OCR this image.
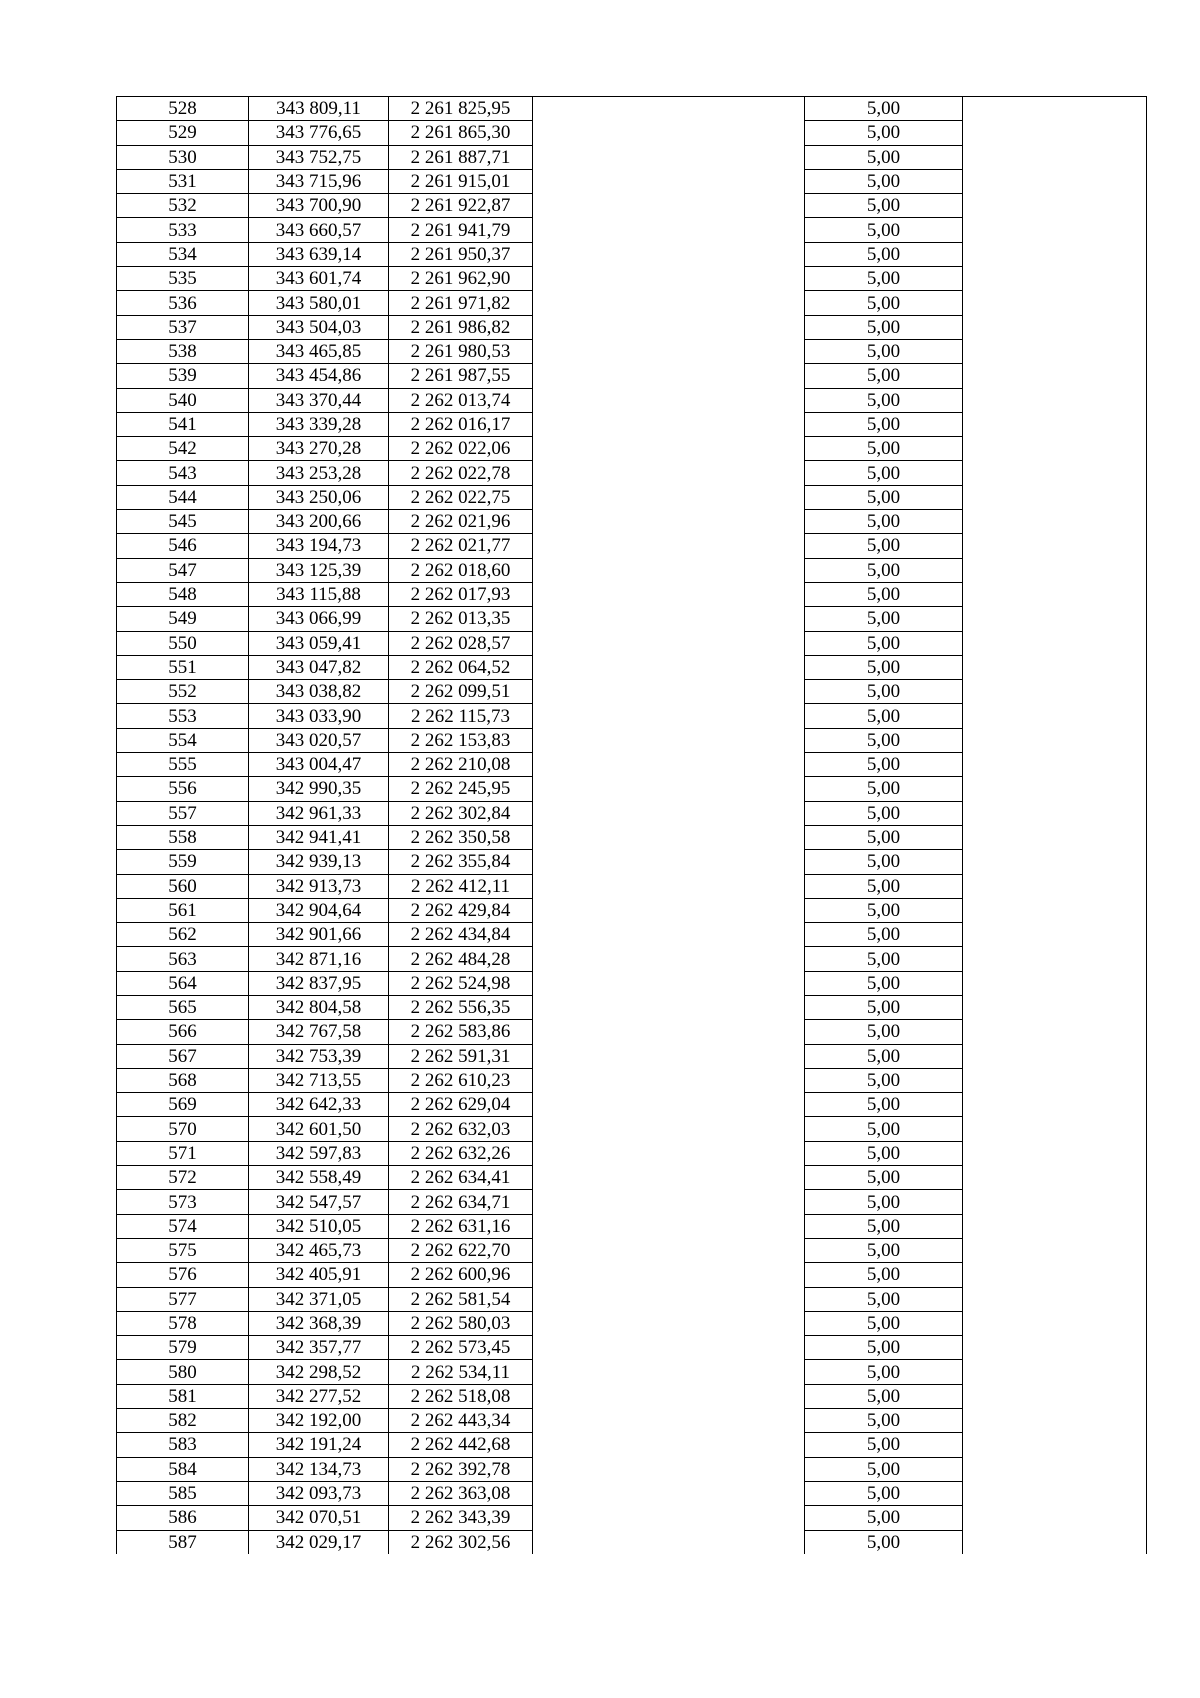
528	343 809,11	2 261 825,95		5,00	
529	343 776,65	2 261 865,30		5,00	
530	343 752,75	2 261 887,71		5,00	
531	343 715,96	2 261 915,01		5,00	
532	343 700,90	2 261 922,87		5,00	
533	343 660,57	2 261 941,79		5,00	
534	343 639,14	2 261 950,37		5,00	
535	343 601,74	2 261 962,90		5,00	
536	343 580,01	2 261 971,82		5,00	
537	343 504,03	2 261 986,82		5,00	
538	343 465,85	2 261 980,53		5,00	
539	343 454,86	2 261 987,55		5,00	
540	343 370,44	2 262 013,74		5,00	
541	343 339,28	2 262 016,17		5,00	
542	343 270,28	2 262 022,06		5,00	
543	343 253,28	2 262 022,78		5,00	
544	343 250,06	2 262 022,75		5,00	
545	343 200,66	2 262 021,96		5,00	
546	343 194,73	2 262 021,77		5,00	
547	343 125,39	2 262 018,60		5,00	
548	343 115,88	2 262 017,93		5,00	
549	343 066,99	2 262 013,35		5,00	
550	343 059,41	2 262 028,57		5,00	
551	343 047,82	2 262 064,52		5,00	
552	343 038,82	2 262 099,51		5,00	
553	343 033,90	2 262 115,73		5,00	
554	343 020,57	2 262 153,83		5,00	
555	343 004,47	2 262 210,08		5,00	
556	342 990,35	2 262 245,95		5,00	
557	342 961,33	2 262 302,84		5,00	
558	342 941,41	2 262 350,58		5,00	
559	342 939,13	2 262 355,84		5,00	
560	342 913,73	2 262 412,11		5,00	
561	342 904,64	2 262 429,84		5,00	
562	342 901,66	2 262 434,84		5,00	
563	342 871,16	2 262 484,28		5,00	
564	342 837,95	2 262 524,98		5,00	
565	342 804,58	2 262 556,35		5,00	
566	342 767,58	2 262 583,86		5,00	
567	342 753,39	2 262 591,31		5,00	
568	342 713,55	2 262 610,23		5,00	
569	342 642,33	2 262 629,04		5,00	
570	342 601,50	2 262 632,03		5,00	
571	342 597,83	2 262 632,26		5,00	
572	342 558,49	2 262 634,41		5,00	
573	342 547,57	2 262 634,71		5,00	
574	342 510,05	2 262 631,16		5,00	
575	342 465,73	2 262 622,70		5,00	
576	342 405,91	2 262 600,96		5,00	
577	342 371,05	2 262 581,54		5,00	
578	342 368,39	2 262 580,03		5,00	
579	342 357,77	2 262 573,45		5,00	
580	342 298,52	2 262 534,11		5,00	
581	342 277,52	2 262 518,08		5,00	
582	342 192,00	2 262 443,34		5,00	
583	342 191,24	2 262 442,68		5,00	
584	342 134,73	2 262 392,78		5,00	
585	342 093,73	2 262 363,08		5,00	
586	342 070,51	2 262 343,39		5,00	
587	342 029,17	2 262 302,56		5,00	
